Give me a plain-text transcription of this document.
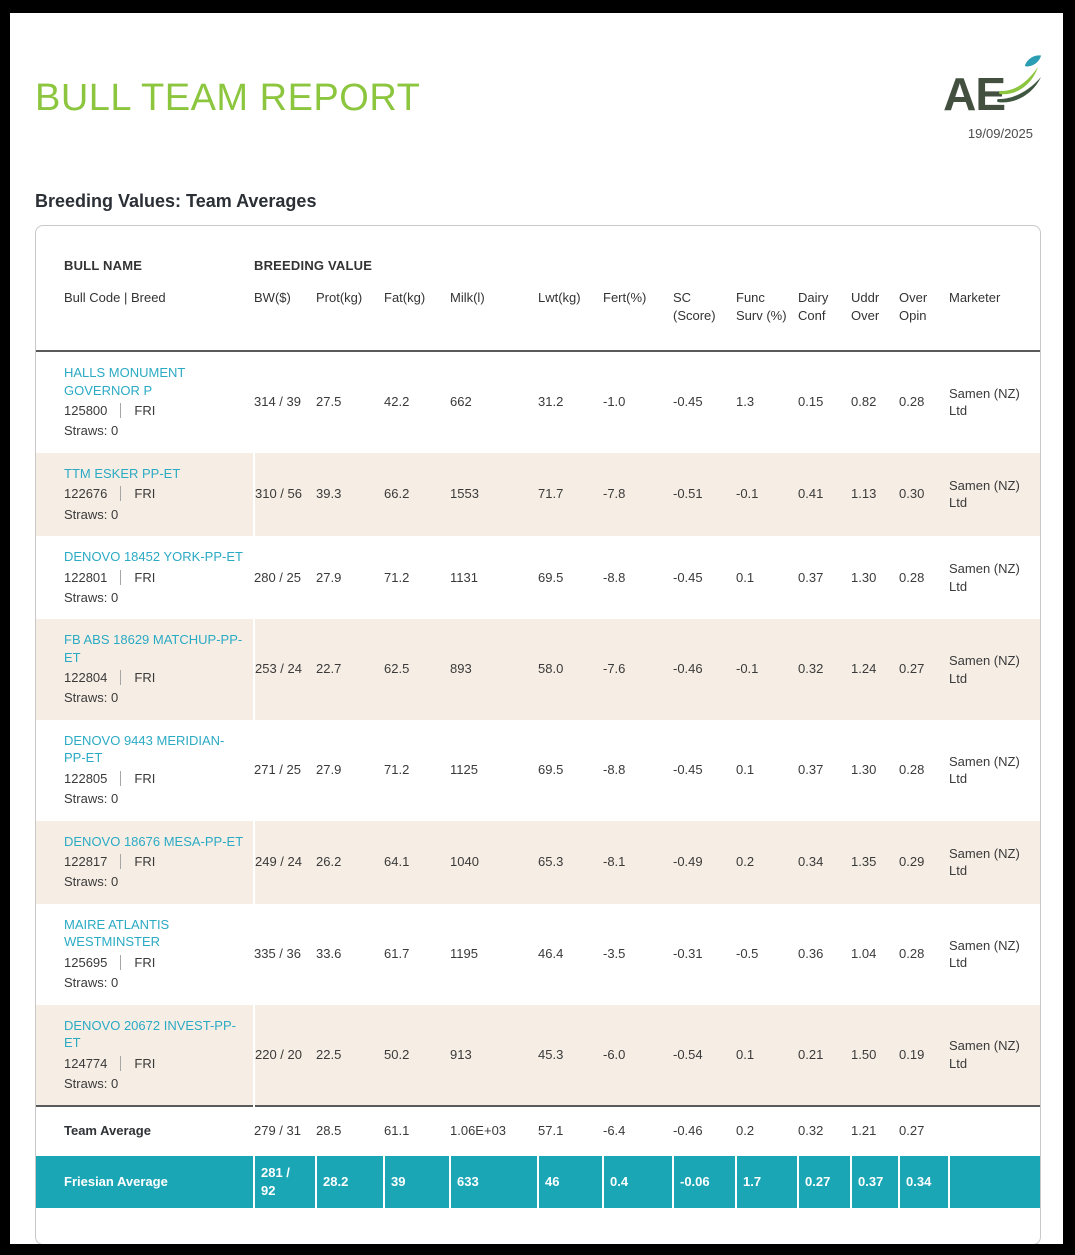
BULL TEAM REPORT	AE
19/09/2025
Breeding Values: Team Averages
BULL NAME	BREEDING VALUE											
Bull Code | Breed	BW($)	Prot(kg)	Fat(kg)	Milk(l)	Lwt(kg)	Fert(%)	SC (Score)	Func Surv (%)	Dairy Conf	Uddr Over	Over Opin	Marketer

HALLS MONUMENT GOVERNOR P
125800 FRI
Straws: 0	314 / 39	27.5	42.2	662	31.2	-1.0	-0.45	1.3	0.15	0.82	0.28	Samen (NZ) Ltd

TTM ESKER PP-ET
122676 FRI
Straws: 0	310 / 56	39.3	66.2	1553	71.7	-7.8	-0.51	-0.1	0.41	1.13	0.30	Samen (NZ) Ltd

DENOVO 18452 YORK-PP-ET
122801 FRI
Straws: 0	280 / 25	27.9	71.2	1131	69.5	-8.8	-0.45	0.1	0.37	1.30	0.28	Samen (NZ) Ltd

FB ABS 18629 MATCHUP-PP-ET
122804 FRI
Straws: 0	253 / 24	22.7	62.5	893	58.0	-7.6	-0.46	-0.1	0.32	1.24	0.27	Samen (NZ) Ltd

DENOVO 9443 MERIDIAN-PP-ET
122805 FRI
Straws: 0	271 / 25	27.9	71.2	1125	69.5	-8.8	-0.45	0.1	0.37	1.30	0.28	Samen (NZ) Ltd

DENOVO 18676 MESA-PP-ET
122817 FRI
Straws: 0	249 / 24	26.2	64.1	1040	65.3	-8.1	-0.49	0.2	0.34	1.35	0.29	Samen (NZ) Ltd

MAIRE ATLANTIS WESTMINSTER
125695 FRI
Straws: 0	335 / 36	33.6	61.7	1195	46.4	-3.5	-0.31	-0.5	0.36	1.04	0.28	Samen (NZ) Ltd

DENOVO 20672 INVEST-PP-ET
124774 FRI
Straws: 0	220 / 20	22.5	50.2	913	45.3	-6.0	-0.54	0.1	0.21	1.50	0.19	Samen (NZ) Ltd
Team Average	279 / 31	28.5	61.1	1.06E+03	57.1	-6.4	-0.46	0.2	0.32	1.21	0.27	
Friesian Average	281 / 92	28.2	39	633	46	0.4	-0.06	1.7	0.27	0.37	0.34	
